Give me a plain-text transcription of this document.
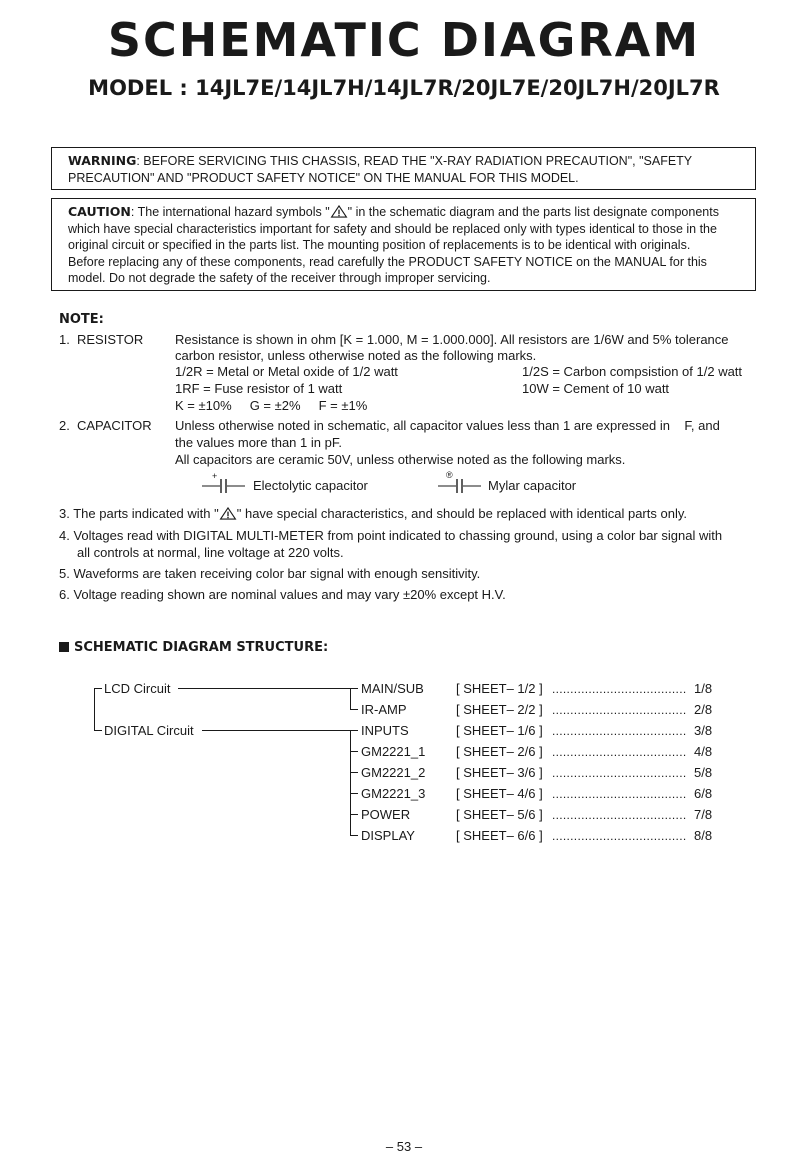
SCHEMATIC DIAGRAM
MODEL : 14JL7E/14JL7H/14JL7R/20JL7E/20JL7H/20JL7R
WARNING: BEFORE SERVICING THIS CHASSIS, READ THE "X-RAY RADIATION PRECAUTION", "SAFETY
PRECAUTION" AND "PRODUCT SAFETY NOTICE" ON THE MANUAL FOR THIS MODEL.
CAUTION: The international hazard symbols " " in the schematic diagram and the parts list designate components
which have special characteristics important for safety and should be replaced only with types identical to those in the
original circuit or specified in the parts list. The mounting position of replacements is to be identical with originals.
Before replacing any of these components, read carefully the PRODUCT SAFETY NOTICE on the MANUAL for this
model. Do not degrade the safety of the receiver through improper servicing.
NOTE:
1. RESISTOR Resistance is shown in ohm [K = 1.000, M = 1.000.000]. All resistors are 1/6W and 5% tolerance
carbon resistor, unless otherwise noted as the following marks.
1/2R = Metal or Metal oxide of 1/2 watt	1/2S = Carbon compsistion of 1/2 watt
1RF = Fuse resistor of 1 watt	10W = Cement of 10 watt
K = ±10%     G = ±2%     F = ±1%
2. CAPACITOR Unless otherwise noted in schematic, all capacitor values less than 1 are expressed in    F, and
the values more than 1 in pF.
All capacitors are ceramic 50V, unless otherwise noted as the following marks.
+
Electolytic capacitor
®
Mylar capacitor
3. The parts indicated with " " have special characteristics, and should be replaced with identical parts only.
4. Voltages read with DIGITAL MULTI-METER from point indicated to chassing ground, using a color bar signal with
all controls at normal, line voltage at 220 volts.
5. Waveforms are taken receiving color bar signal with enough sensitivity.
6. Voltage reading shown are nominal values and may vary ±20% except H.V.
SCHEMATIC DIAGRAM STRUCTURE:
LCD Circuit
DIGITAL Circuit
MAIN/SUB [ SHEET– 1/2 ] ..................................... 1/8
IR-AMP	[ SHEET– 2/2 ] ..................................... 2/8
INPUTS	[ SHEET– 1/6 ] ..................................... 3/8
GM2221_1 [ SHEET– 2/6 ] ..................................... 4/8
GM2221_2 [ SHEET– 3/6 ] ..................................... 5/8
GM2221_3 [ SHEET– 4/6 ] ..................................... 6/8
POWER	[ SHEET– 5/6 ] ..................................... 7/8
DISPLAY	[ SHEET– 6/6 ] ..................................... 8/8
– 53 –
